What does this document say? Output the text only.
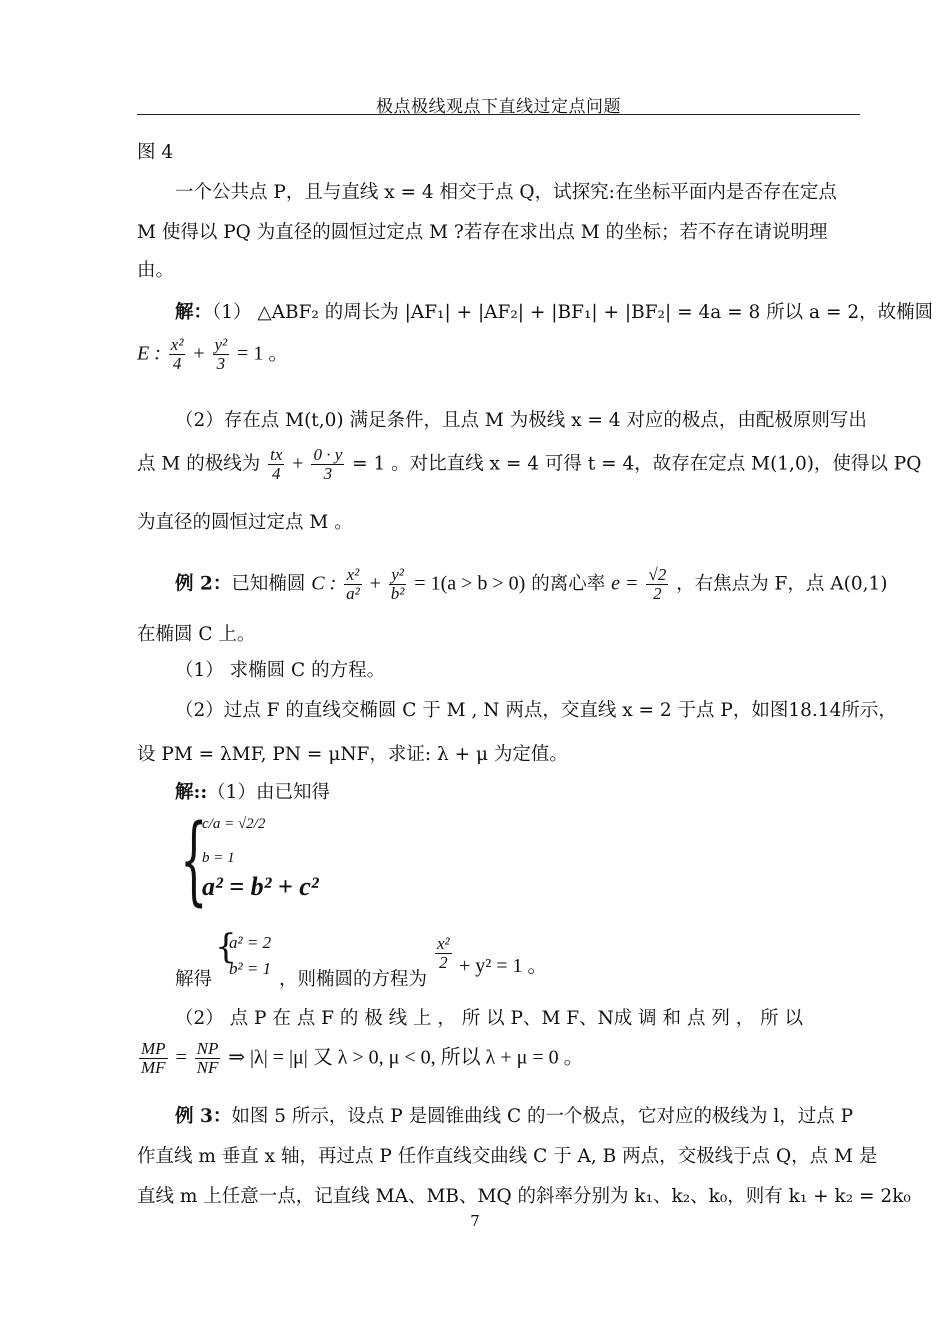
极点极线观点下直线过定点问题
图 4
一个公共点 P，且与直线 x = 4 相交于点 Q，试探究:在坐标平面内是否存在定点
M 使得以 PQ 为直径的圆恒过定点 M ?若存在求出点 M 的坐标；若不存在请说明理
由。
解：（1） △ABF₂ 的周长为 |AF₁| + |AF₂| + |BF₁| + |BF₂| = 4a = 8 所以 a = 2，故椭圆
E : $\frac{\text{x²}}{4} + \frac{\text{y²}}{3} = 1$ 。
（2）存在点 M(t,0) 满足条件，且点 M 为极线 x = 4 对应的极点，由配极原则写出
点 M 的极线为 $\frac{tx}{4} + \frac{0 \cdot y}{3} = 1$ 。对比直线 x = 4 可得 t = 4，故存在定点 M(1,0)，使得以 PQ
为直径的圆恒过定点 M 。
例 2：已知椭圆 C : $\frac{\text{x²}}{\text{a²}} + \frac{\text{y²}}{\text{b²}} = 1(a > b > 0)$ 的离心率 $e = \frac{√2}{2}$ ，右焦点为 F，点 A(0,1)
在椭圆 C 上。
（1） 求椭圆 C 的方程。
（2）过点 F 的直线交椭圆 C 于 M , N 两点，交直线 x = 2 于点 P，如图18.14所示，
设 PM = λMF, PN = μNF，求证: λ + μ 为定值。
解::（1）由已知得
{
c/a = √2/2
b = 1
a² = b² + c²
解得
{
a² = 2
b² = 1
，则椭圆的方程为
$\frac{\text{x²}}{2} + y^2 = 1$ 。
（2） 点 P 在 点 F 的 极 线 上 ， 所 以 P、M F、N成 调 和 点 列 ， 所 以
$\frac{MP}{MF} = \frac{NP}{NF}$ ⇒ |λ| = |μ| 又 λ > 0, μ < 0, 所以 λ + μ = 0 。
例 3：如图 5 所示，设点 P 是圆锥曲线 C 的一个极点，它对应的极线为 l，过点 P
作直线 m 垂直 x 轴，再过点 P 任作直线交曲线 C 于 A, B 两点，交极线于点 Q，点 M 是
直线 m 上任意一点，记直线 MA、MB、MQ 的斜率分别为 k₁、k₂、k₀，则有 k₁ + k₂ = 2k₀
7
